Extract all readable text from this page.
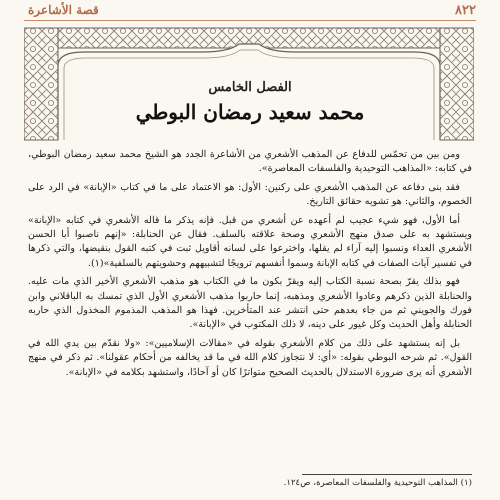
قصة الأشاعرة	٨٢٢
الفصل الخامس
محمد سعيد رمضان البوطي

ومن بين من تحمّس للدفاع عن المذهب الأشعري من الأشاعرة الجدد هو الشيخ محمد سعيد رمضان البوطي، في كتابه: «المذاهب التوحيدية والفلسفات المعاصرة».

فقد بنى دفاعه عن المذهب الأشعري على ركنين: الأول: هو الاعتماد على ما في كتاب «الإبانة» في الرد على الخصوم، والثاني: هو تشويه حقائق التاريخ.

أما الأول، فهو شيء عجيب لم أعهده عن أشعري من قبل. فإنه يذكر ما قاله الأشعري في كتابه «الإبانة» ويستشهد به على صدق منهج الأشعري وصحة علاقته بالسلف. فقال عن الحنابلة: «إنهم ناصبوا أبا الحسن الأشعري العداء ونسبوا إليه آراء لم يقلها، واخترعوا على لسانه أقاويل ثبت في كتبه القول بنقيضها، والتي ذكرها في تفسير آيات الصفات في كتابه الإبانة وسموا أنفسهم ترويجًا لتشبيههم وحشويتهم بالسلفية»(١).

فهو بذلك يقرّ بصحة نسبة الكتاب إليه ويقرّ بكون ما في الكتاب هو مذهب الأشعري الأخير الذي مات عليه. والحنابلة الذين ذكرهم وعادوا الأشعري ومذهبه، إنما حاربوا مذهب الأشعري الأول الذي تمسك به الباقلاني وابن فورك والجويني ثم من جاء بعدهم حتى انتشر عند المتأخرين. فهذا هو المذهب المذموم المخذول الذي حاربه الحنابلة وأهل الحديث وكل غيور على دينه، لا ذلك المكتوب في «الإبانة».

بل إنه يستشهد على ذلك من كلام الأشعري بقوله في «مقالات الإسلاميين»: «ولا نقدّم بين يدي الله في القول». ثم شرحه البوطي بقوله: «أي: لا نتجاوز كلام الله في ما قد يخالفه من أحكام عقولنا». ثم ذكر في منهج الأشعري أنه يرى ضرورة الاستدلال بالحديث الصحيح متواترًا كان أو آحادًا، واستشهد بكلامه في «الإبانة».

(١) المذاهب التوحيدية والفلسفات المعاصرة، ص١٢٤.
